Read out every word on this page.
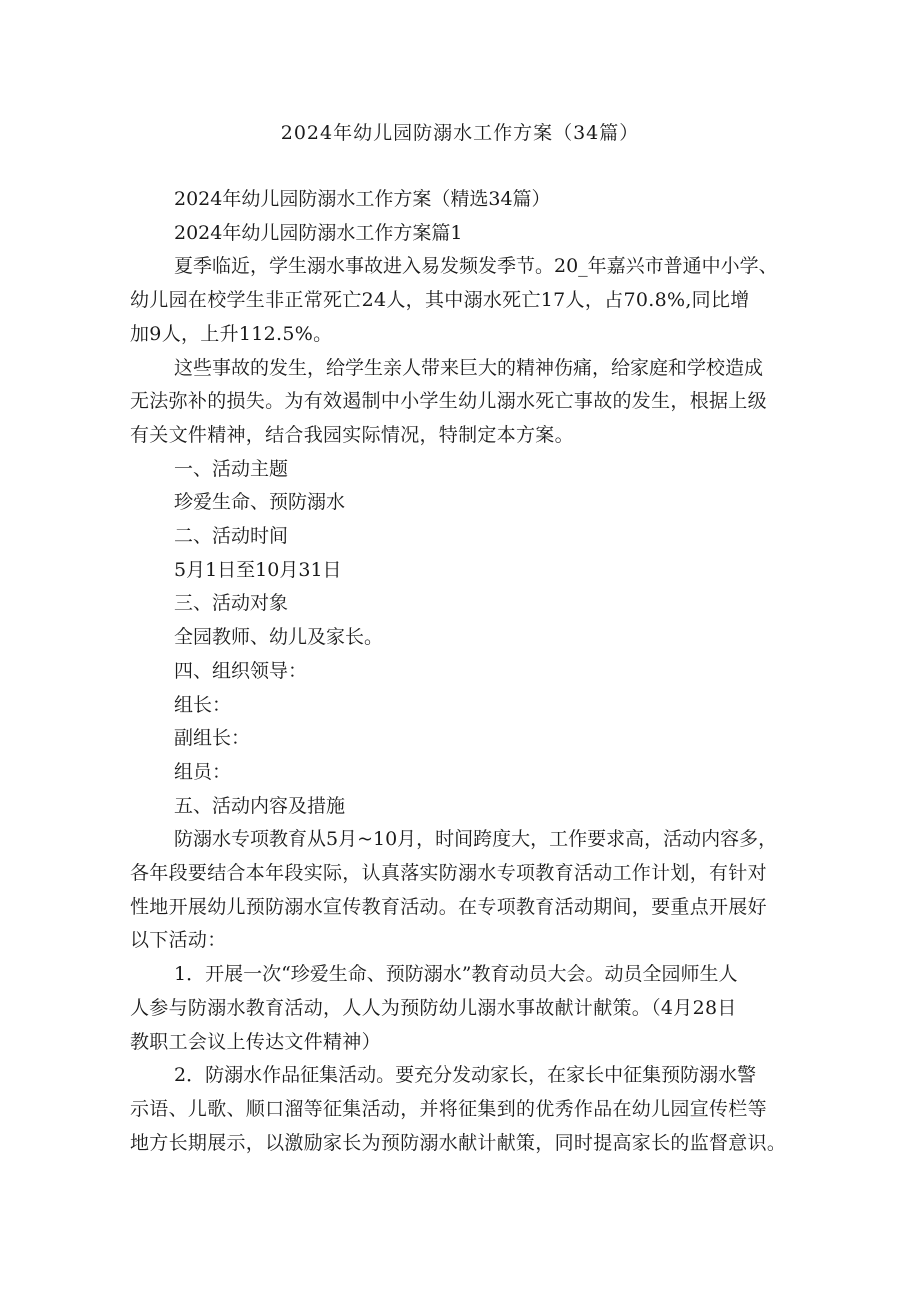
2024年幼儿园防溺水工作方案（34篇）

2024年幼儿园防溺水工作方案（精选34篇）

2024年幼儿园防溺水工作方案篇1

夏季临近，学生溺水事故进入易发频发季节。20_年嘉兴市普通中小学、

幼儿园在校学生非正常死亡24人，其中溺水死亡17人，占70.8%,同比增

加9人，上升112.5%。

这些事故的发生，给学生亲人带来巨大的精神伤痛，给家庭和学校造成

无法弥补的损失。为有效遏制中小学生幼儿溺水死亡事故的发生，根据上级

有关文件精神，结合我园实际情况，特制定本方案。

一、活动主题

珍爱生命、预防溺水

二、活动时间

5月1日至10月31日

三、活动对象

全园教师、幼儿及家长。

四、组织领导：

组长：

副组长：

组员：

五、活动内容及措施

防溺水专项教育从5月~10月，时间跨度大，工作要求高，活动内容多，

各年段要结合本年段实际，认真落实防溺水专项教育活动工作计划，有针对

性地开展幼儿预防溺水宣传教育活动。在专项教育活动期间，要重点开展好

以下活动：

1．开展一次“珍爱生命、预防溺水”教育动员大会。动员全园师生人

人参与防溺水教育活动，人人为预防幼儿溺水事故献计献策。（4月28日

教职工会议上传达文件精神）

2．防溺水作品征集活动。要充分发动家长，在家长中征集预防溺水警

示语、儿歌、顺口溜等征集活动，并将征集到的优秀作品在幼儿园宣传栏等

地方长期展示，以激励家长为预防溺水献计献策，同时提高家长的监督意识。
